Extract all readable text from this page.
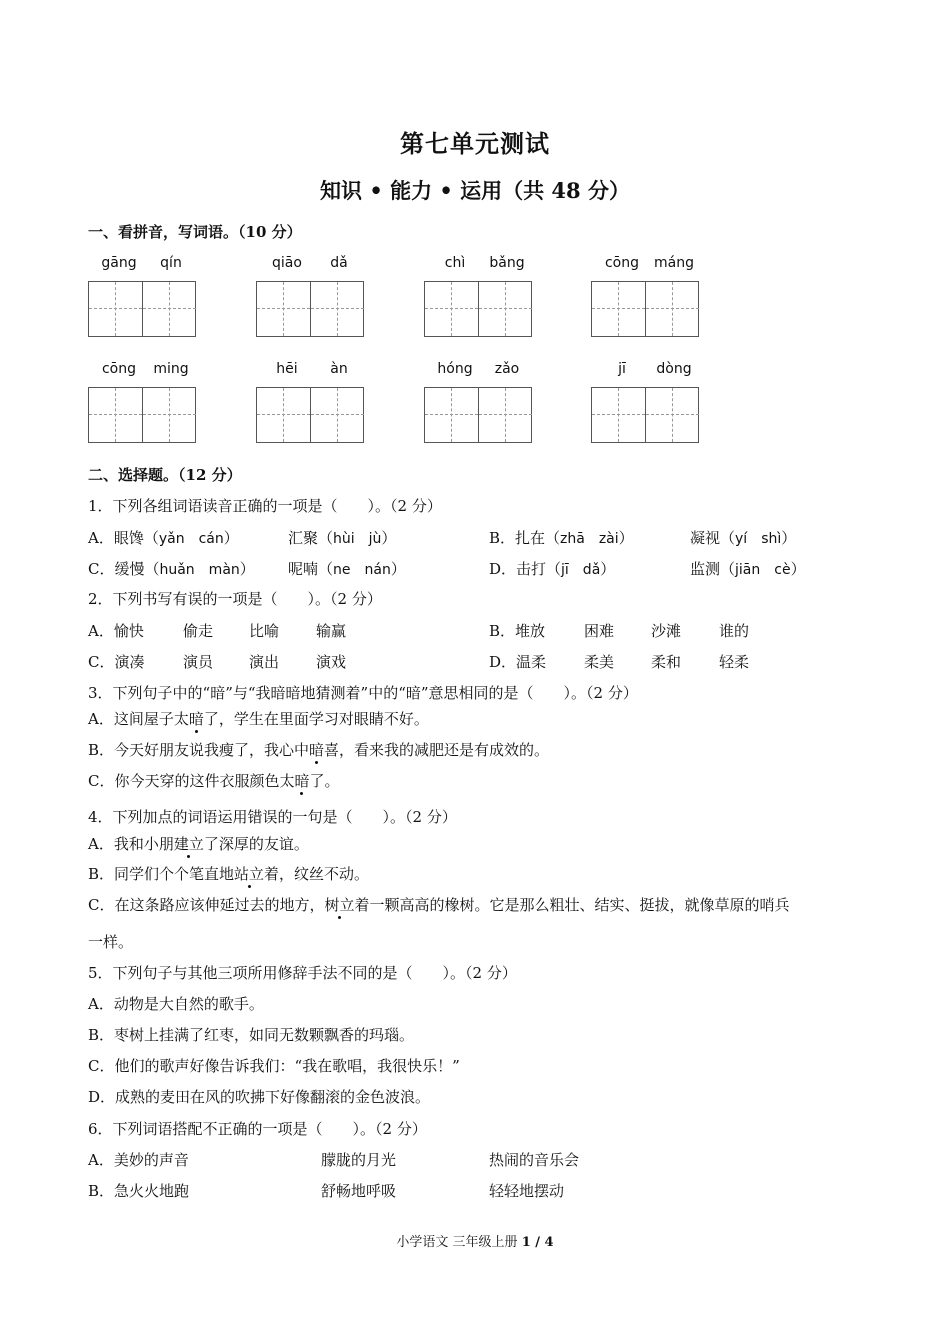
第七单元测试
知识 • 能力 • 运用（共 48 分）
一、看拼音，写词语。（10 分）
gāng	qín	qiāo	dǎ	chì	bǎng	cōng	máng
cōng	ming	hēi	àn	hóng	zǎo	jī	dòng
二、选择题。（12 分）
1．下列各组词语读音正确的一项是（　　）。（2 分）
A．眼馋（yǎn　cán）	汇聚（hùi　jù）	B．扎在（zhā　zài）	凝视（yí　shì）
C．缓慢（huǎn　màn） 呢喃（ne　nán）	D．击打（jī　dǎ）	监测（jiān　cè）
2．下列书写有误的一项是（　　）。（2 分）
A．愉快	偷走 比喻 输赢	B．堆放	困难 沙滩	谁的
C．演凑	演员 演出 演戏	D．温柔	柔美 柔和	轻柔
3．下列句子中的“暗”与“我暗暗地猜测着”中的“暗”意思相同的是（　　）。（2 分）
A．这间屋子太暗了，学生在里面学习对眼睛不好。
B．今天好朋友说我瘦了，我心中暗喜，看来我的减肥还是有成效的。
C．你今天穿的这件衣服颜色太暗了。
4．下列加点的词语运用错误的一句是（　　）。（2 分）
A．我和小朋建立了深厚的友谊。
B．同学们个个笔直地站立着，纹丝不动。
C．在这条路应该伸延过去的地方，树立着一颗高高的橡树。它是那么粗壮、结实、挺拔，就像草原的哨兵
一样。
5．下列句子与其他三项所用修辞手法不同的是（　　）。（2 分）
A．动物是大自然的歌手。
B．枣树上挂满了红枣，如同无数颗飘香的玛瑙。
C．他们的歌声好像告诉我们：“我在歌唱，我很快乐！”
D．成熟的麦田在风的吹拂下好像翻滚的金色波浪。
6．下列词语搭配不正确的一项是（　　）。（2 分）
A．美妙的声音	朦胧的月光	热闹的音乐会
B．急火火地跑	舒畅地呼吸	轻轻地摆动
小学语文 三年级上册 1 / 4
